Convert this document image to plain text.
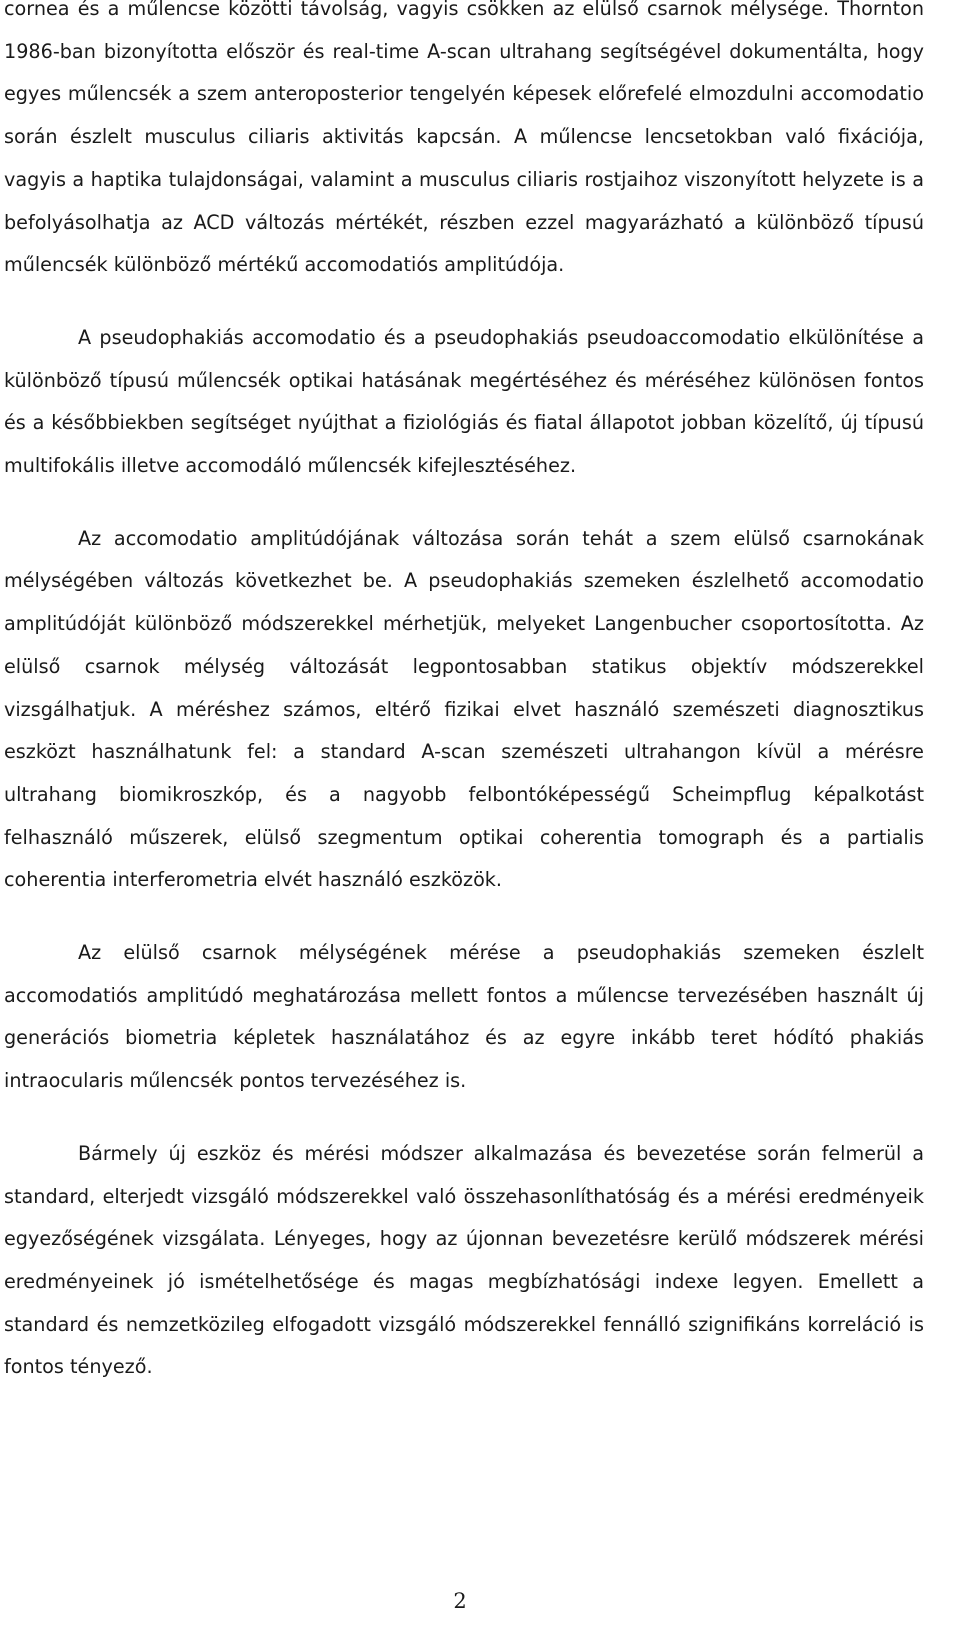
cornea és a műlencse közötti távolság, vagyis csökken az elülső csarnok mélysége. Thornton 1986-ban bizonyította először és real-time A-scan ultrahang segítségével dokumentálta, hogy egyes műlencsék a szem anteroposterior tengelyén képesek előrefelé elmozdulni accomodatio során észlelt musculus ciliaris aktivitás kapcsán. A műlencse lencsetokban való fixációja, vagyis a haptika tulajdonságai, valamint a musculus ciliaris rostjaihoz viszonyított helyzete is a befolyásolhatja az ACD változás mértékét, részben ezzel magyarázható a különböző típusú műlencsék különböző mértékű accomodatiós amplitúdója.

A pseudophakiás accomodatio és a pseudophakiás pseudoaccomodatio elkülönítése a különböző típusú műlencsék optikai hatásának megértéséhez és méréséhez különösen fontos és a későbbiekben segítséget nyújthat a fiziológiás és fiatal állapotot jobban közelítő, új típusú multifokális illetve accomodáló műlencsék kifejlesztéséhez.

Az accomodatio amplitúdójának változása során tehát a szem elülső csarnokának mélységében változás következhet be. A pseudophakiás szemeken észlelhető accomodatio amplitúdóját különböző módszerekkel mérhetjük, melyeket Langenbucher csoportosította. Az elülső csarnok mélység változását legpontosabban statikus objektív módszerekkel vizsgálhatjuk. A méréshez számos, eltérő fizikai elvet használó szemészeti diagnosztikus eszközt használhatunk fel: a standard A-scan szemészeti ultrahangon kívül a mérésre ultrahang biomikroszkóp, és a nagyobb felbontóképességű Scheimpflug képalkotást felhasználó műszerek, elülső szegmentum optikai coherentia tomograph és a partialis coherentia interferometria elvét használó eszközök.

Az elülső csarnok mélységének mérése a pseudophakiás szemeken észlelt accomodatiós amplitúdó meghatározása mellett fontos a műlencse tervezésében használt új generációs biometria képletek használatához és az egyre inkább teret hódító phakiás intraocularis műlencsék pontos tervezéséhez is.

Bármely új eszköz és mérési módszer alkalmazása és bevezetése során felmerül a standard, elterjedt vizsgáló módszerekkel való összehasonlíthatóság és a mérési eredményeik egyezőségének vizsgálata. Lényeges, hogy az újonnan bevezetésre kerülő módszerek mérési eredményeinek jó ismételhetősége és magas megbízhatósági indexe legyen. Emellett a standard és nemzetközileg elfogadott vizsgáló módszerekkel fennálló szignifikáns korreláció is fontos tényező.

2
